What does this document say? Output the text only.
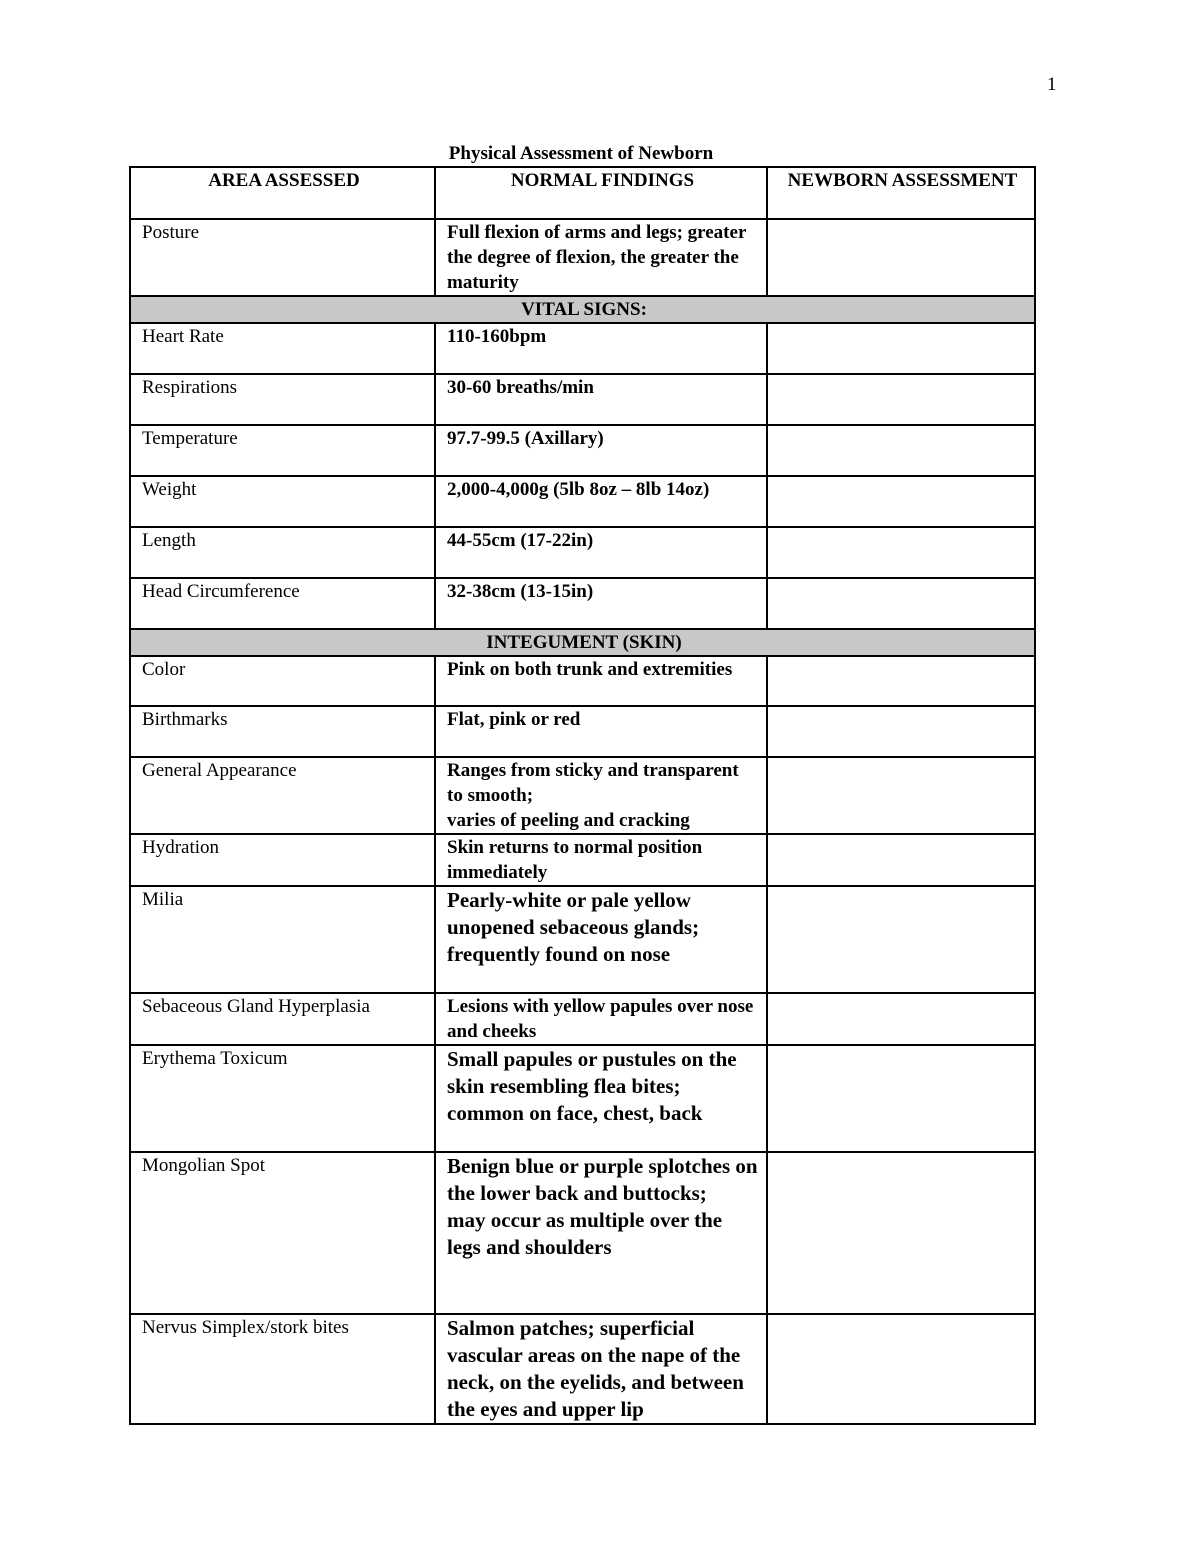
1
Physical Assessment of Newborn
AREA ASSESSED	NORMAL FINDINGS	NEWBORN ASSESSMENT
Posture	Full flexion of arms and legs; greater the degree of flexion, the greater the maturity	
VITAL SIGNS:		
Heart Rate	110-160bpm	
Respirations	30-60 breaths/min	
Temperature	97.7-99.5 (Axillary)	
Weight	2,000-4,000g (5lb 8oz – 8lb 14oz)	
Length	44-55cm (17-22in)	
Head Circumference	32-38cm (13-15in)	
INTEGUMENT (SKIN)		
Color	Pink on both trunk and extremities	
Birthmarks	Flat, pink or red	
General Appearance	Ranges from sticky and transparent to smooth;
varies of peeling and cracking	

Hydration	Skin returns to normal position immediately	
Milia	Pearly-white or pale yellow unopened sebaceous glands; frequently found on nose	
Sebaceous Gland Hyperplasia	Lesions with yellow papules over nose and cheeks	
Erythema Toxicum	Small papules or pustules on the skin resembling flea bites; common on face, chest, back	
Mongolian Spot	Benign blue or purple splotches on the lower back and buttocks;
may occur as multiple over the legs and shoulders	

Nervus Simplex/stork bites	Salmon patches; superficial vascular areas on the nape of the neck, on the eyelids, and between the eyes and upper lip	
